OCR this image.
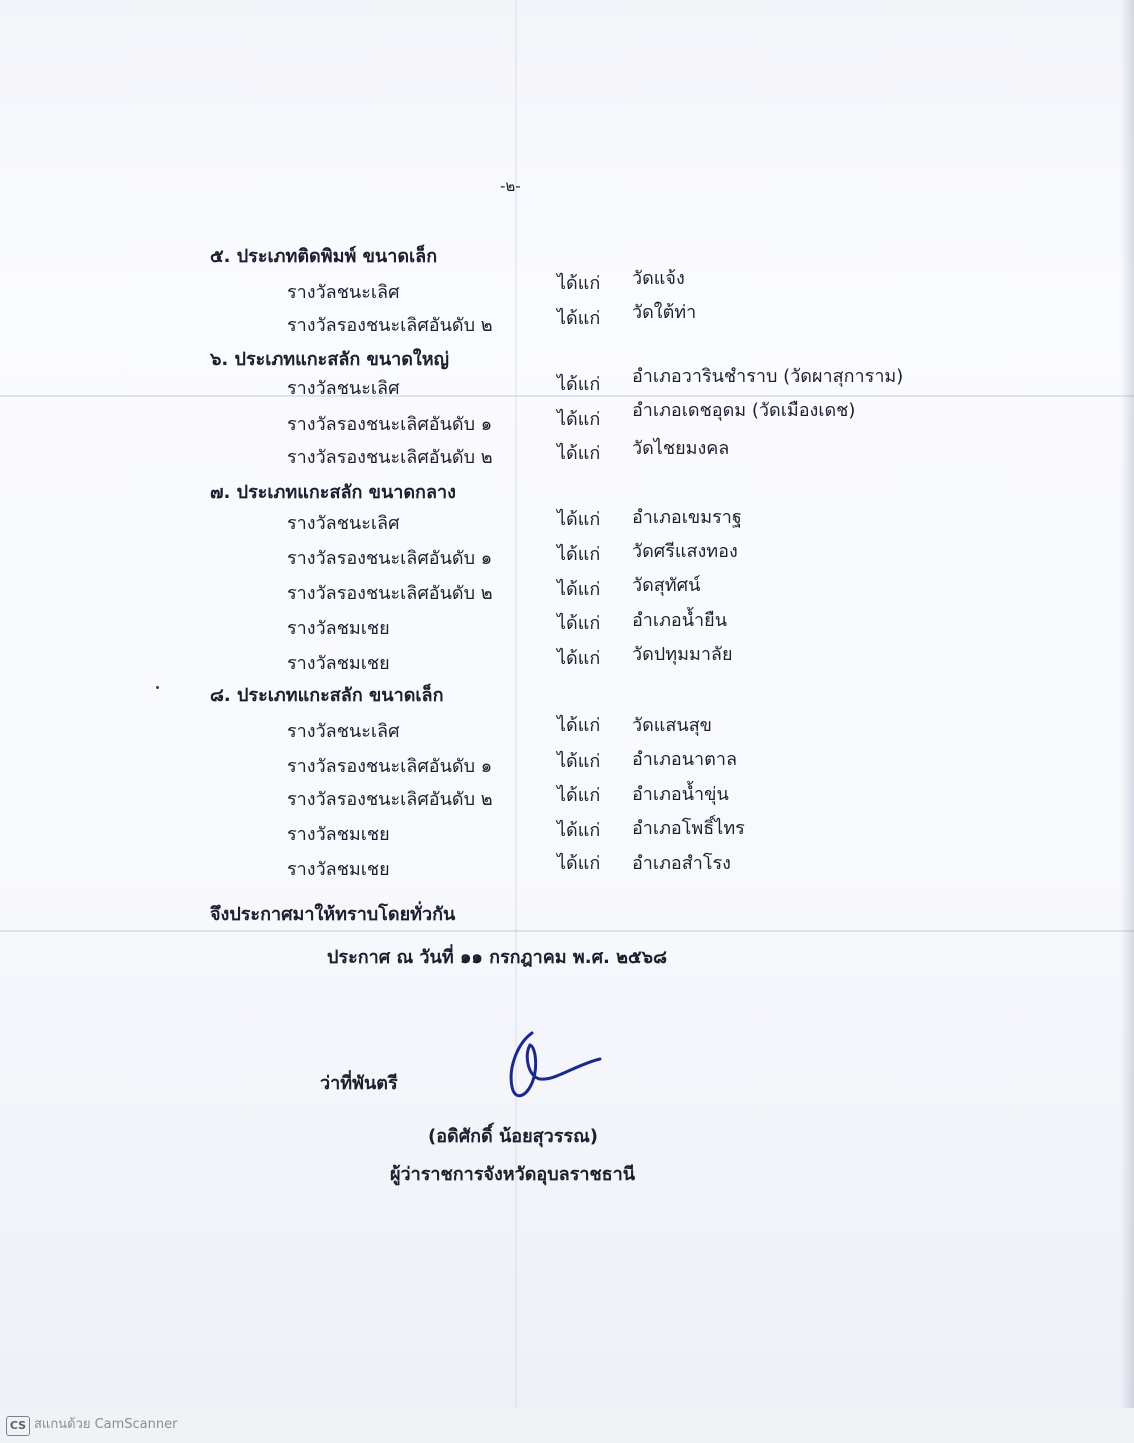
-๒-
๕. ประเภทติดพิมพ์ ขนาดเล็ก
รางวัลชนะเลิศ	ได้แก่ วัดแจ้ง
รางวัลรองชนะเลิศอันดับ ๒	ได้แก่ วัดใต้ท่า
๖. ประเภทแกะสลัก ขนาดใหญ่
รางวัลชนะเลิศ	ได้แก่ อำเภอวารินชำราบ (วัดผาสุการาม)
รางวัลรองชนะเลิศอันดับ ๑	ได้แก่ อำเภอเดชอุดม (วัดเมืองเดช)
รางวัลรองชนะเลิศอันดับ ๒	ได้แก่ วัดไชยมงคล
๗. ประเภทแกะสลัก ขนาดกลาง
รางวัลชนะเลิศ	ได้แก่ อำเภอเขมราฐ
รางวัลรองชนะเลิศอันดับ ๑	ได้แก่ วัดศรีแสงทอง
รางวัลรองชนะเลิศอันดับ ๒	ได้แก่ วัดสุทัศน์
รางวัลชมเชย	ได้แก่ อำเภอน้ำยืน
รางวัลชมเชย	ได้แก่ วัดปทุมมาลัย
๘. ประเภทแกะสลัก ขนาดเล็ก
รางวัลชนะเลิศ	ได้แก่ วัดแสนสุข
รางวัลรองชนะเลิศอันดับ ๑	ได้แก่ อำเภอนาตาล
รางวัลรองชนะเลิศอันดับ ๒	ได้แก่ อำเภอน้ำขุ่น
รางวัลชมเชย	ได้แก่ อำเภอโพธิ์ไทร
รางวัลชมเชย	ได้แก่ อำเภอสำโรง
จึงประกาศมาให้ทราบโดยทั่วกัน
ประกาศ ณ วันที่ ๑๑ กรกฎาคม พ.ศ. ๒๕๖๘
ว่าที่พันตรี
(อดิศักดิ์ น้อยสุวรรณ)
ผู้ว่าราชการจังหวัดอุบลราชธานี
CS สแกนด้วย CamScanner
